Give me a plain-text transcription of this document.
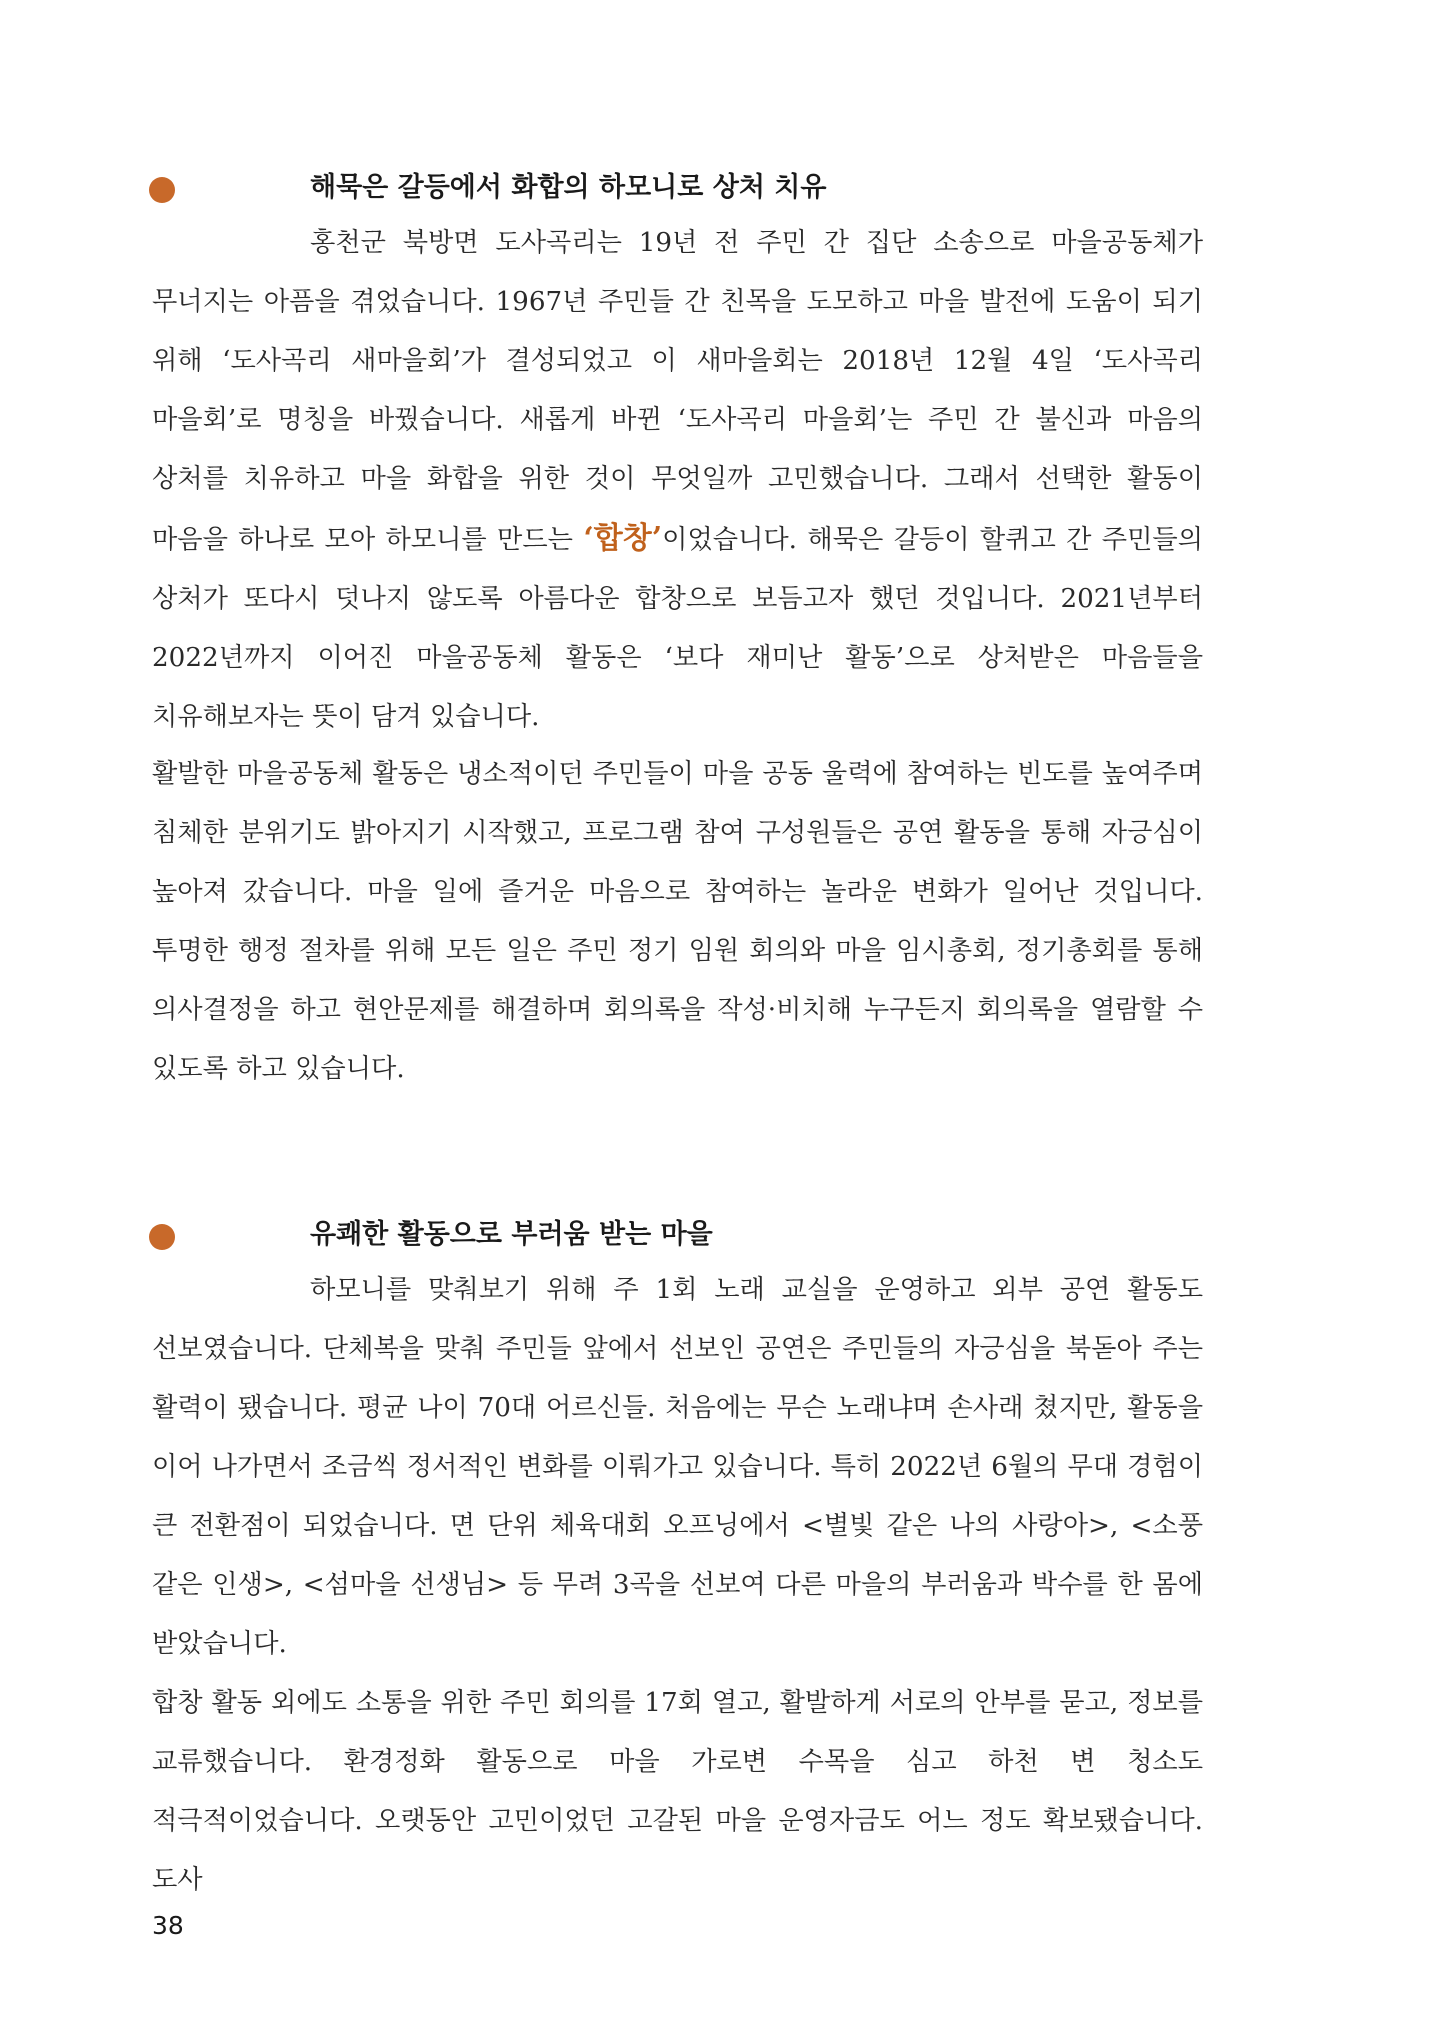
해묵은 갈등에서 화합의 하모니로 상처 치유

홍천군 북방면 도사곡리는 19년 전 주민 간 집단 소송으로 마을공동체가 무너지는 아픔을 겪었습니다. 1967년 주민들 간 친목을 도모하고 마을 발전에 도움이 되기 위해 ‘도사곡리 새마을회’가 결성되었고 이 새마을회는 2018년 12월 4일 ‘도사곡리 마을회’로 명칭을 바꿨습니다. 새롭게 바뀐 ‘도사곡리 마을회’는 주민 간 불신과 마음의 상처를 치유하고 마을 화합을 위한 것이 무엇일까 고민했습니다. 그래서 선택한 활동이 마음을 하나로 모아 하모니를 만드는 ‘합창’이었습니다. 해묵은 갈등이 할퀴고 간 주민들의 상처가 또다시 덧나지 않도록 아름다운 합창으로 보듬고자 했던 것입니다. 2021년부터 2022년까지 이어진 마을공동체 활동은 ‘보다 재미난 활동’으로 상처받은 마음들을 치유해보자는 뜻이 담겨 있습니다.

활발한 마을공동체 활동은 냉소적이던 주민들이 마을 공동 울력에 참여하는 빈도를 높여주며 침체한 분위기도 밝아지기 시작했고, 프로그램 참여 구성원들은 공연 활동을 통해 자긍심이 높아져 갔습니다. 마을 일에 즐거운 마음으로 참여하는 놀라운 변화가 일어난 것입니다. 투명한 행정 절차를 위해 모든 일은 주민 정기 임원 회의와 마을 임시총회, 정기총회를 통해 의사결정을 하고 현안문제를 해결하며 회의록을 작성·비치해 누구든지 회의록을 열람할 수 있도록 하고 있습니다.

유쾌한 활동으로 부러움 받는 마을

하모니를 맞춰보기 위해 주 1회 노래 교실을 운영하고 외부 공연 활동도 선보였습니다. 단체복을 맞춰 주민들 앞에서 선보인 공연은 주민들의 자긍심을 북돋아 주는 활력이 됐습니다. 평균 나이 70대 어르신들. 처음에는 무슨 노래냐며 손사래 쳤지만, 활동을 이어 나가면서 조금씩 정서적인 변화를 이뤄가고 있습니다. 특히 2022년 6월의 무대 경험이 큰 전환점이 되었습니다. 면 단위 체육대회 오프닝에서 <별빛 같은 나의 사랑아>, <소풍 같은 인생>, <섬마을 선생님> 등 무려 3곡을 선보여 다른 마을의 부러움과 박수를 한 몸에 받았습니다.

합창 활동 외에도 소통을 위한 주민 회의를 17회 열고, 활발하게 서로의 안부를 묻고, 정보를 교류했습니다. 환경정화 활동으로 마을 가로변 수목을 심고 하천 변 청소도 적극적이었습니다. 오랫동안 고민이었던 고갈된 마을 운영자금도 어느 정도 확보됐습니다. 도사

38
